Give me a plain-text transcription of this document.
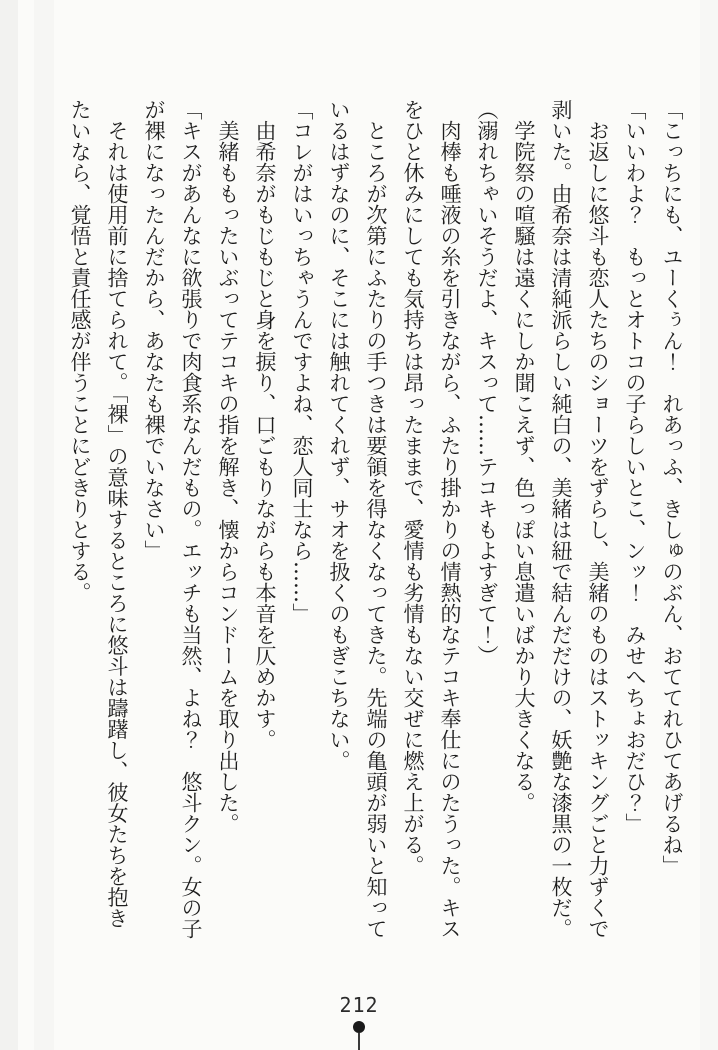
「こっちにも、ユーくぅん！　れあっふ、きしゅのぶん、おててれひてあげるね」

「いいわよ？　もっとオトコの子らしいとこ、ンッ！　みせへちょおだひ？」

　お返しに悠斗も恋人たちのショーツをずらし、美緒のものはストッキングごと力ずくで剥いた。由希奈は清純派らしい純白の、美緒は紐で結んだだけの、妖艶な漆黒の一枚だ。

　学院祭の喧騒は遠くにしか聞こえず、色っぽい息遣いばかり大きくなる。

（溺れちゃいそうだよ、キスって……テコキもよすぎて！）

　肉棒も唾液の糸を引きながら、ふたり掛かりの情熱的なテコキ奉仕にのたうった。キスをひと休みにしても気持ちは昂ったままで、愛情も劣情もない交ぜに燃え上がる。

　ところが次第にふたりの手つきは要領を得なくなってきた。先端の亀頭が弱いと知っているはずなのに、そこには触れてくれず、サオを扱くのもぎこちない。

「コレがはいっちゃうんですよね、恋人同士なら……」

　由希奈がもじもじと身を捩り、口ごもりながらも本音を仄めかす。

　美緒ももったいぶってテコキの指を解き、懐からコンドームを取り出した。

「キスがあんなに欲張りで肉食系なんだもの。エッチも当然、よね？　悠斗クン。女の子が裸になったんだから、あなたも裸でいなさい」

　それは使用前に捨てられて。「裸」の意味するところに悠斗は躊躇し、彼女たちを抱きたいなら、覚悟と責任感が伴うことにどきりとする。

212
